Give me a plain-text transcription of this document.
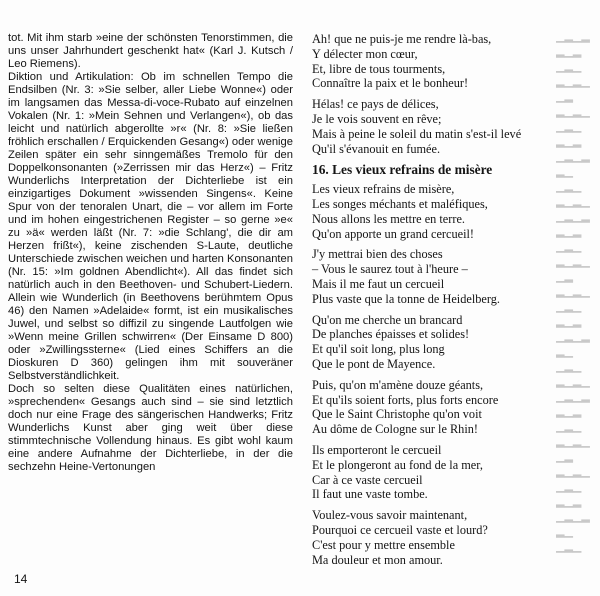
tot. Mit ihm starb »eine der schönsten Tenorstimmen, die uns unser Jahrhundert geschenkt hat« (Karl J. Kutsch / Leo Riemens).

Diktion und Artikulation: Ob im schnellen Tempo die Endsilben (Nr. 3: »Sie selber, aller Liebe Wonne«) oder im langsamen das Messa-di-voce-Rubato auf einzelnen Vokalen (Nr. 1: »Mein Sehnen und Verlangen«), ob das leicht und natürlich abgerollte »r« (Nr. 8: »Sie ließen fröhlich erschallen / Erquickenden Gesang«) oder wenige Zeilen später ein sehr sinngemäßes Tremolo für den Doppelkonsonanten (»Zerrissen mir das Herz«) – Fritz Wunderlichs Interpretation der Dichterliebe ist ein einzigartiges Dokument »wissenden Singens«. Keine Spur von der tenoralen Unart, die – vor allem im Forte und im hohen eingestrichenen Register – so gerne »e« zu »ä« werden läßt (Nr. 7: »die Schlang', die dir am Herzen frißt«), keine zischenden S-Laute, deutliche Unterschiede zwischen weichen und harten Konsonanten (Nr. 15: »Im goldnen Abendlicht«). All das findet sich natürlich auch in den Beethoven- und Schubert-Liedern. Allein wie Wunderlich (in Beethovens berühmtem Opus 46) den Namen »Adelaide« formt, ist ein musikalisches Juwel, und selbst so diffizil zu singende Lautfolgen wie »Wenn meine Grillen schwirren« (Der Einsame D 800) oder »Zwillingssterne« (Lied eines Schiffers an die Dioskuren D 360) gelingen ihm mit souveräner Selbstverständlichkeit.

Doch so selten diese Qualitäten eines natürlichen, »sprechenden« Gesangs auch sind – sie sind letztlich doch nur eine Frage des sängerischen Handwerks; Fritz Wunderlichs Kunst aber ging weit über diese stimmtechnische Vollendung hinaus. Es gibt wohl kaum eine andere Aufnahme der Dichterliebe, in der die sechzehn Heine-Vertonungen

Ah! que ne puis-je me rendre là-bas,
Y délecter mon cœur,
Et, libre de tous tourments,
Connaître la paix et le bonheur!
Hélas! ce pays de délices,
Je le vois souvent en rêve;
Mais à peine le soleil du matin s'est-il levé
Qu'il s'évanouit en fumée.
16. Les vieux refrains de misère
Les vieux refrains de misère,
Les songes méchants et maléfiques,
Nous allons les mettre en terre.
Qu'on apporte un grand cercueil!
J'y mettrai bien des choses
– Vous le saurez tout à l'heure –
Mais il me faut un cercueil
Plus vaste que la tonne de Heidelberg.
Qu'on me cherche un brancard
De planches épaisses et solides!
Et qu'il soit long, plus long
Que le pont de Mayence.
Puis, qu'on m'amène douze géants,
Et qu'ils soient forts, plus forts encore
Que le Saint Christophe qu'on voit
Au dôme de Cologne sur le Rhin!
Ils emporteront le cercueil
Et le plongeront au fond de la mer,
Car à ce vaste cercueil
Il faut une vaste tombe.
Voulez-vous savoir maintenant,
Pourquoi ce cercueil vaste et lourd?
C'est pour y mettre ensemble
Ma douleur et mon amour.
▁▂▁▂
▂▁▂
▁▂▁
▂▁▂▁
▁▂
▂▁▂▁
▁▂▁
▂▁▂
▁▂▁▂
▂▁
▁▂▁
▂▁▂▁
▁▂▁▂
▂▁▂
▁▂▁
▂▁▂▁
▁▂
▂▁▂▁
▁▂▁
▂▁▂
▁▂▁▂
▂▁
▁▂▁
▂▁▂▁
▁▂▁▂
▂▁▂
▁▂▁
▂▁▂▁
▁▂
▂▁▂▁
▁▂▁
▂▁▂
▁▂▁▂
▂▁
▁▂▁
14
